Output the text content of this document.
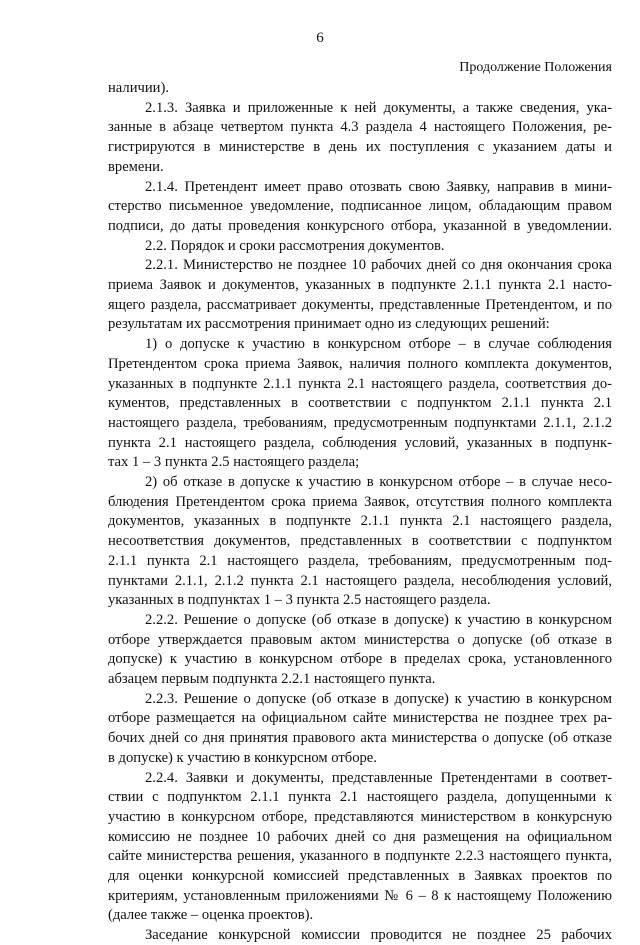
6
Продолжение Положения
наличии).
2.1.3. Заявка и приложенные к ней документы, а также сведения, ука-
занные в абзаце четвертом пункта 4.3 раздела 4 настоящего Положения, ре-
гистрируются в министерстве в день их поступления с указанием даты и
времени.
2.1.4. Претендент имеет право отозвать свою Заявку, направив в мини-
стерство письменное уведомление, подписанное лицом, обладающим правом
подписи, до даты проведения конкурсного отбора, указанной в уведомлении.
2.2. Порядок и сроки рассмотрения документов.
2.2.1. Министерство не позднее 10 рабочих дней со дня окончания срока
приема Заявок и документов, указанных в подпункте 2.1.1 пункта 2.1 насто-
ящего раздела, рассматривает документы, представленные Претендентом, и по
результатам их рассмотрения принимает одно из следующих решений:
1) о допуске к участию в конкурсном отборе – в случае соблюдения
Претендентом срока приема Заявок, наличия полного комплекта документов,
указанных в подпункте 2.1.1 пункта 2.1 настоящего раздела, соответствия до-
кументов, представленных в соответствии с подпунктом 2.1.1 пункта 2.1
настоящего раздела, требованиям, предусмотренным подпунктами 2.1.1, 2.1.2
пункта 2.1 настоящего раздела, соблюдения условий, указанных в подпунк-
тах 1 – 3 пункта 2.5 настоящего раздела;
2) об отказе в допуске к участию в конкурсном отборе – в случае несо-
блюдения Претендентом срока приема Заявок, отсутствия полного комплекта
документов, указанных в подпункте 2.1.1 пункта 2.1 настоящего раздела,
несоответствия документов, представленных в соответствии с подпунктом
2.1.1 пункта 2.1 настоящего раздела, требованиям, предусмотренным под-
пунктами 2.1.1, 2.1.2 пункта 2.1 настоящего раздела, несоблюдения условий,
указанных в подпунктах 1 – 3 пункта 2.5 настоящего раздела.
2.2.2. Решение о допуске (об отказе в допуске) к участию в конкурсном
отборе утверждается правовым актом министерства о допуске (об отказе в
допуске) к участию в конкурсном отборе в пределах срока, установленного
абзацем первым подпункта 2.2.1 настоящего пункта.
2.2.3. Решение о допуске (об отказе в допуске) к участию в конкурсном
отборе размещается на официальном сайте министерства не позднее трех ра-
бочих дней со дня принятия правового акта министерства о допуске (об отказе
в допуске) к участию в конкурсном отборе.
2.2.4. Заявки и документы, представленные Претендентами в соответ-
ствии с подпунктом 2.1.1 пункта 2.1 настоящего раздела, допущенными к
участию в конкурсном отборе, представляются министерством в конкурсную
комиссию не позднее 10 рабочих дней со дня размещения на официальном
сайте министерства решения, указанного в подпункте 2.2.3 настоящего пункта,
для оценки конкурсной комиссией представленных в Заявках проектов по
критериям, установленным приложениями № 6 – 8 к настоящему Положению
(далее также – оценка проектов).
Заседание конкурсной комиссии проводится не позднее 25 рабочих
